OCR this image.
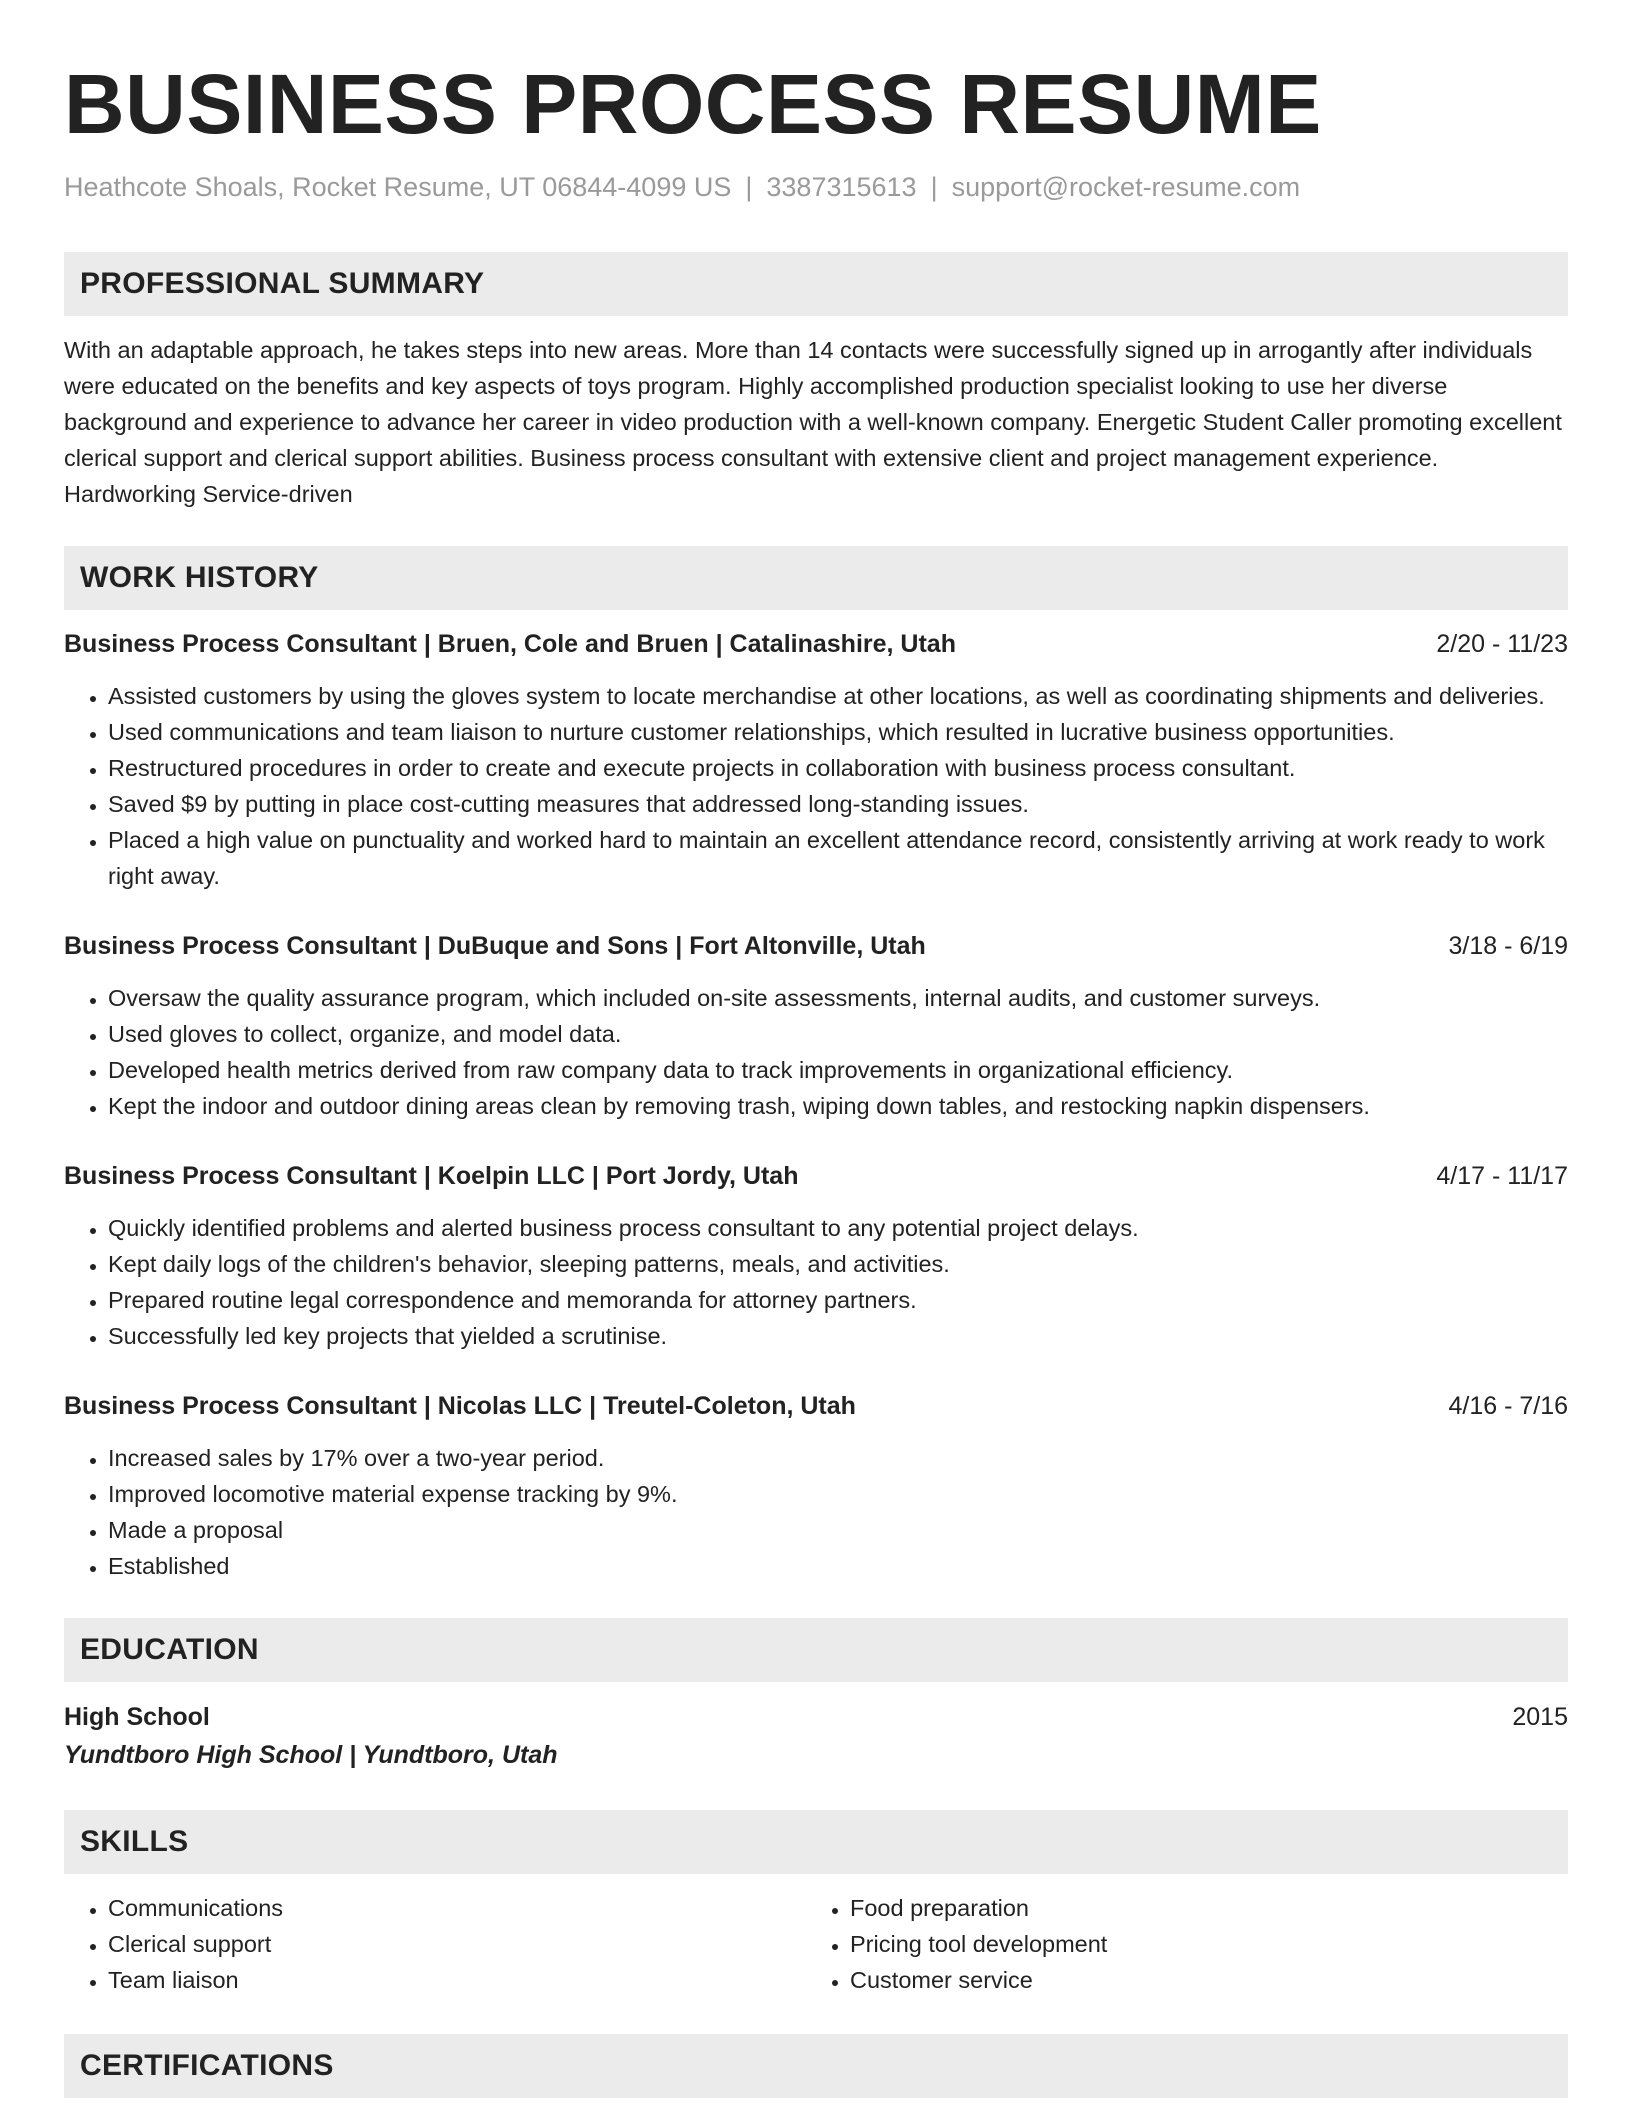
BUSINESS PROCESS RESUME
Heathcote Shoals, Rocket Resume, UT 06844-4099 US | 3387315613 | support@rocket-resume.com
PROFESSIONAL SUMMARY
With an adaptable approach, he takes steps into new areas. More than 14 contacts were successfully signed up in arrogantly after individuals were educated on the benefits and key aspects of toys program. Highly accomplished production specialist looking to use her diverse background and experience to advance her career in video production with a well-known company. Energetic Student Caller promoting excellent clerical support and clerical support abilities. Business process consultant with extensive client and project management experience. Hardworking Service-driven
WORK HISTORY
Business Process Consultant | Bruen, Cole and Bruen | Catalinashire, Utah	2/20 - 11/23
• Assisted customers by using the gloves system to locate merchandise at other locations, as well as coordinating shipments and deliveries.
• Used communications and team liaison to nurture customer relationships, which resulted in lucrative business opportunities.
• Restructured procedures in order to create and execute projects in collaboration with business process consultant.
• Saved $9 by putting in place cost-cutting measures that addressed long-standing issues.
• Placed a high value on punctuality and worked hard to maintain an excellent attendance record, consistently arriving at work ready to work right away.
Business Process Consultant | DuBuque and Sons | Fort Altonville, Utah	3/18 - 6/19
• Oversaw the quality assurance program, which included on-site assessments, internal audits, and customer surveys.
• Used gloves to collect, organize, and model data.
• Developed health metrics derived from raw company data to track improvements in organizational efficiency.
• Kept the indoor and outdoor dining areas clean by removing trash, wiping down tables, and restocking napkin dispensers.
Business Process Consultant | Koelpin LLC | Port Jordy, Utah	4/17 - 11/17
• Quickly identified problems and alerted business process consultant to any potential project delays.
• Kept daily logs of the children's behavior, sleeping patterns, meals, and activities.
• Prepared routine legal correspondence and memoranda for attorney partners.
• Successfully led key projects that yielded a scrutinise.
Business Process Consultant | Nicolas LLC | Treutel-Coleton, Utah	4/16 - 7/16
• Increased sales by 17% over a two-year period.
• Improved locomotive material expense tracking by 9%.
• Made a proposal
• Established
EDUCATION
High School	2015
Yundtboro High School | Yundtboro, Utah
SKILLS
• Communications
• Clerical support
• Team liaison
• Food preparation
• Pricing tool development
• Customer service
CERTIFICATIONS
